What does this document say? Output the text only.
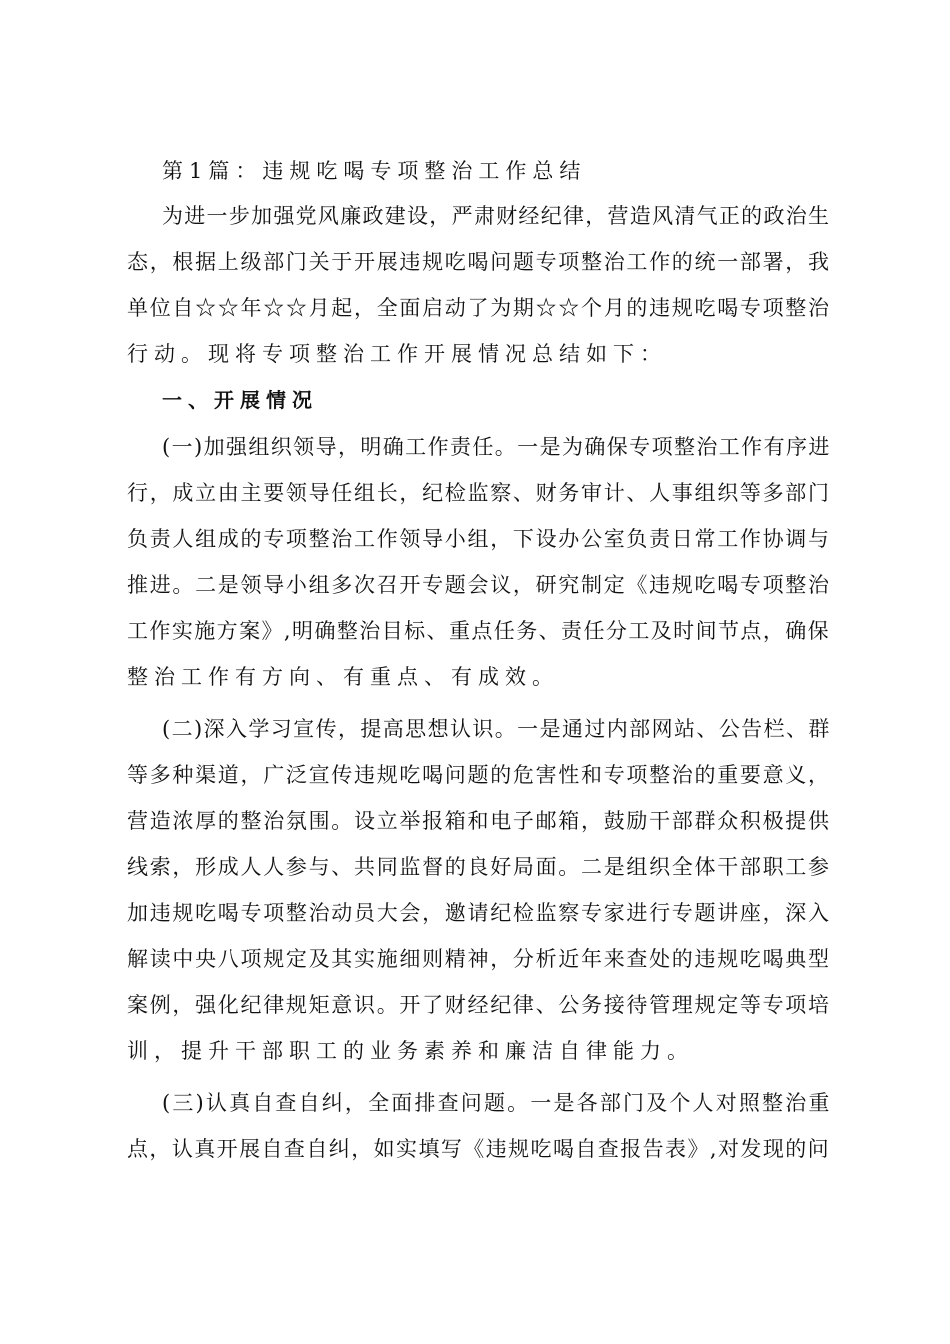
第1篇：违规吃喝专项整治工作总结
为进一步加强党风廉政建设，严肃财经纪律，营造风清气正的政治生
态，根据上级部门关于开展违规吃喝问题专项整治工作的统一部署，我
单位自☆☆年☆☆月起，全面启动了为期☆☆个月的违规吃喝专项整治
行动。现将专项整治工作开展情况总结如下：
一、开展情况
(一)加强组织领导，明确工作责任。一是为确保专项整治工作有序进
行，成立由主要领导任组长，纪检监察、财务审计、人事组织等多部门
负责人组成的专项整治工作领导小组，下设办公室负责日常工作协调与
推进。二是领导小组多次召开专题会议，研究制定《违规吃喝专项整治
工作实施方案》,明确整治目标、重点任务、责任分工及时间节点，确保
整治工作有方向、有重点、有成效。
(二)深入学习宣传，提高思想认识。一是通过内部网站、公告栏、群
等多种渠道，广泛宣传违规吃喝问题的危害性和专项整治的重要意义，
营造浓厚的整治氛围。设立举报箱和电子邮箱，鼓励干部群众积极提供
线索，形成人人参与、共同监督的良好局面。二是组织全体干部职工参
加违规吃喝专项整治动员大会，邀请纪检监察专家进行专题讲座，深入
解读中央八项规定及其实施细则精神，分析近年来查处的违规吃喝典型
案例，强化纪律规矩意识。开了财经纪律、公务接待管理规定等专项培
训，提升干部职工的业务素养和廉洁自律能力。
(三)认真自查自纠，全面排查问题。一是各部门及个人对照整治重
点，认真开展自查自纠，如实填写《违规吃喝自查报告表》,对发现的问
